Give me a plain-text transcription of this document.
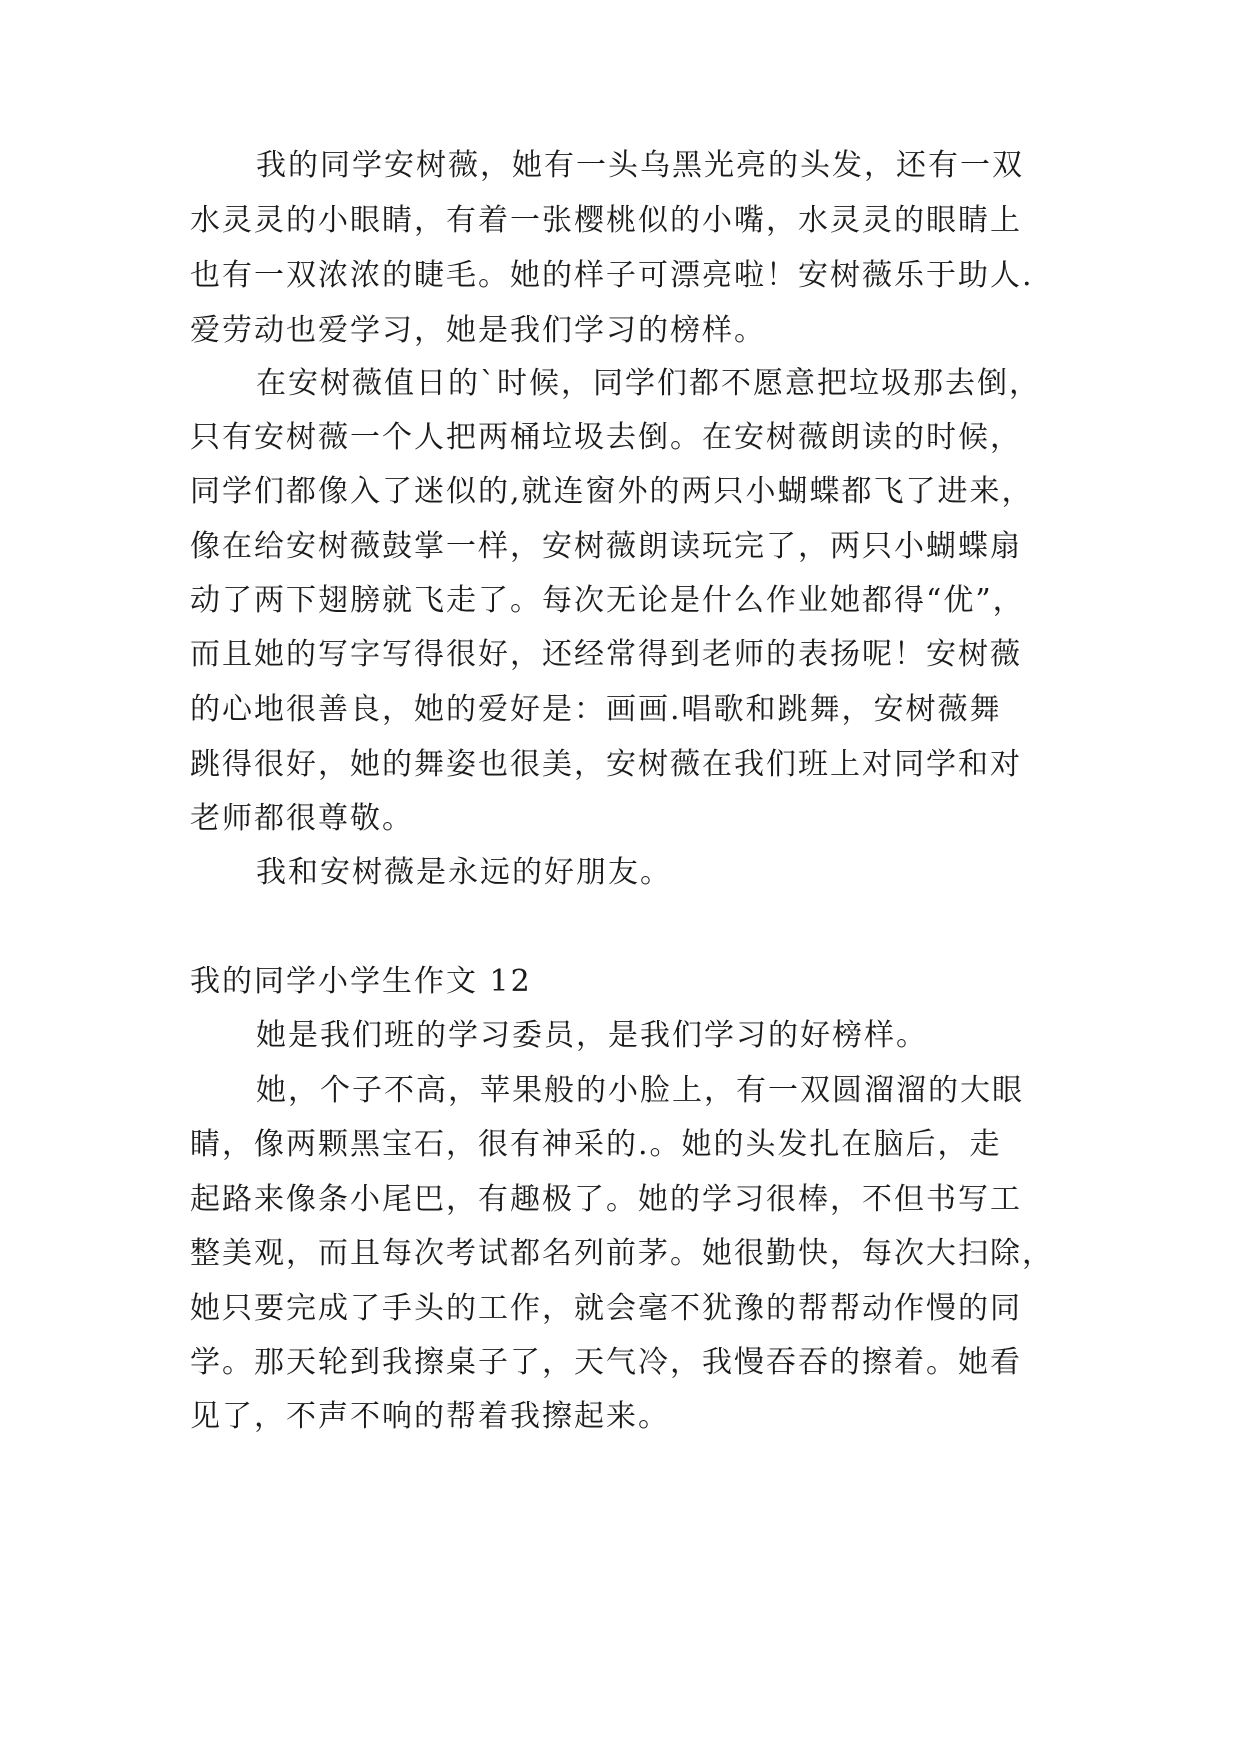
我的同学安树薇，她有一头乌黑光亮的头发，还有一双
水灵灵的小眼睛，有着一张樱桃似的小嘴，水灵灵的眼睛上
也有一双浓浓的睫毛。她的样子可漂亮啦！安树薇乐于助人.
爱劳动也爱学习，她是我们学习的榜样。
在安树薇值日的`时候，同学们都不愿意把垃圾那去倒，
只有安树薇一个人把两桶垃圾去倒。在安树薇朗读的时候，
同学们都像入了迷似的,就连窗外的两只小蝴蝶都飞了进来，
像在给安树薇鼓掌一样，安树薇朗读玩完了，两只小蝴蝶扇
动了两下翅膀就飞走了。每次无论是什么作业她都得“优”，
而且她的写字写得很好，还经常得到老师的表扬呢！安树薇
的心地很善良，她的爱好是：画画.唱歌和跳舞，安树薇舞
跳得很好，她的舞姿也很美，安树薇在我们班上对同学和对
老师都很尊敬。
我和安树薇是永远的好朋友。
我的同学小学生作文 12
她是我们班的学习委员，是我们学习的好榜样。
她，个子不高，苹果般的小脸上，有一双圆溜溜的大眼
睛，像两颗黑宝石，很有神采的.。她的头发扎在脑后，走
起路来像条小尾巴，有趣极了。她的学习很棒，不但书写工
整美观，而且每次考试都名列前茅。她很勤快，每次大扫除，
她只要完成了手头的工作，就会毫不犹豫的帮帮动作慢的同
学。那天轮到我擦桌子了，天气冷，我慢吞吞的擦着。她看
见了，不声不响的帮着我擦起来。
